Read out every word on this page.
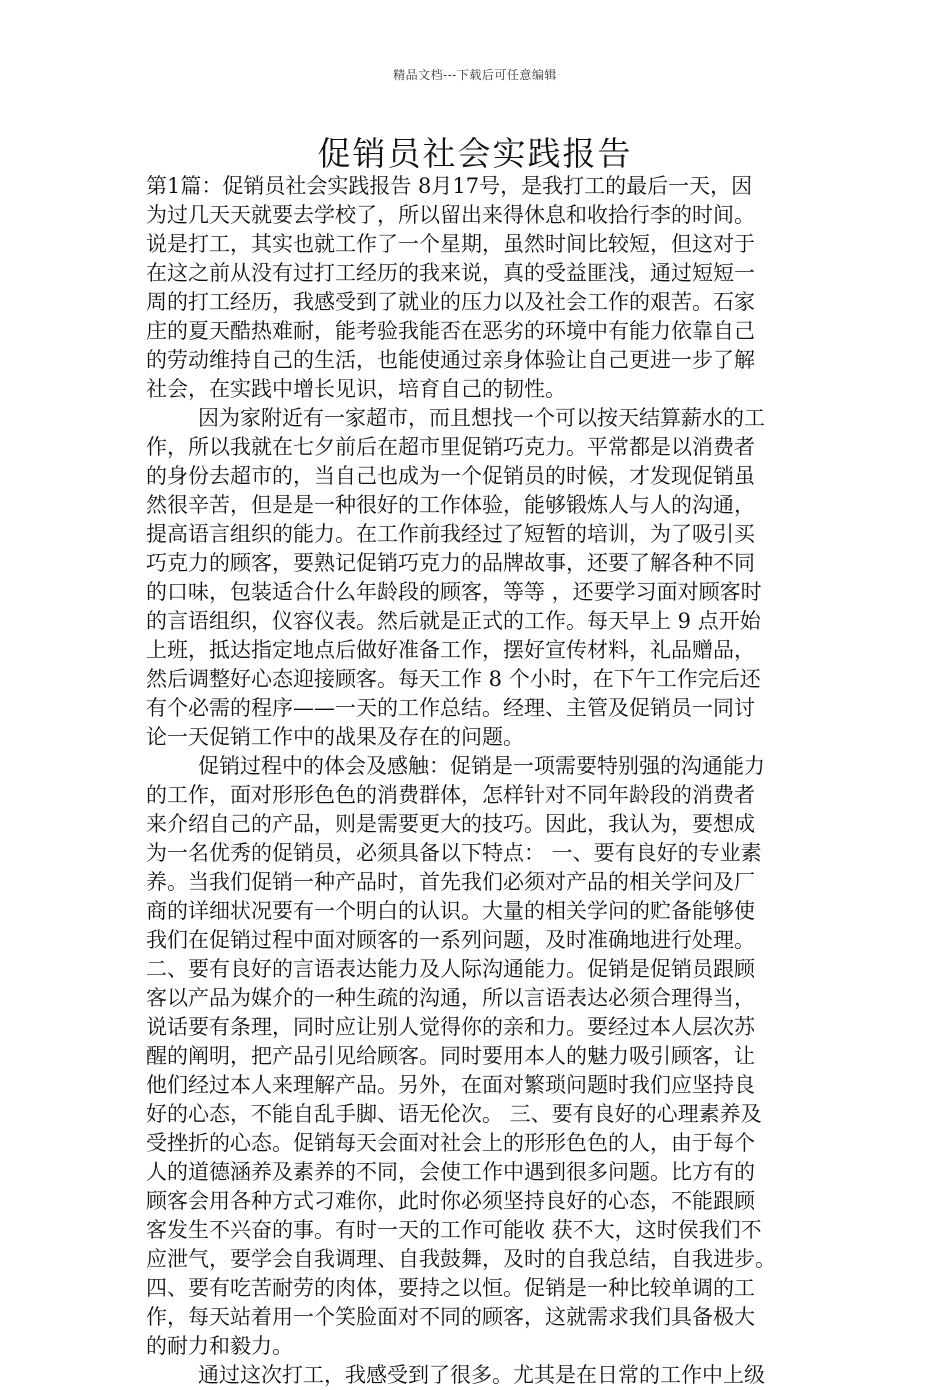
精品文档---下载后可任意编辑
促销员社会实践报告
第1篇：促销员社会实践报告 8月17号，是我打工的最后一天，因
为过几天天就要去学校了，所以留出来得休息和收拾行李的时间。
说是打工，其实也就工作了一个星期，虽然时间比较短，但这对于
在这之前从没有过打工经历的我来说，真的受益匪浅，通过短短一
周的打工经历，我感受到了就业的压力以及社会工作的艰苦。石家
庄的夏天酷热难耐，能考验我能否在恶劣的环境中有能力依靠自己
的劳动维持自己的生活，也能使通过亲身体验让自己更进一步了解
社会，在实践中增长见识，培育自己的韧性。
因为家附近有一家超市，而且想找一个可以按天结算薪水的工
作，所以我就在七夕前后在超市里促销巧克力。平常都是以消费者
的身份去超市的，当自己也成为一个促销员的时候，才发现促销虽
然很辛苦，但是是一种很好的工作体验，能够锻炼人与人的沟通，
提高语言组织的能力。在工作前我经过了短暂的培训，为了吸引买
巧克力的顾客，要熟记促销巧克力的品牌故事，还要了解各种不同
的口味，包装适合什么年龄段的顾客，等等 ，还要学习面对顾客时
的言语组织，仪容仪表。然后就是正式的工作。每天早上 9 点开始
上班，抵达指定地点后做好准备工作，摆好宣传材料，礼品赠品，
然后调整好心态迎接顾客。每天工作 8 个小时，在下午工作完后还
有个必需的程序——一天的工作总结。经理、主管及促销员一同讨
论一天促销工作中的战果及存在的问题。
促销过程中的体会及感触：促销是一项需要特别强的沟通能力
的工作，面对形形色色的消费群体，怎样针对不同年龄段的消费者
来介绍自己的产品，则是需要更大的技巧。因此，我认为，要想成
为一名优秀的促销员，必须具备以下特点： 一、要有良好的专业素
养。当我们促销一种产品时，首先我们必须对产品的相关学问及厂
商的详细状况要有一个明白的认识。大量的相关学问的贮备能够使
我们在促销过程中面对顾客的一系列问题，及时准确地进行处理。
二、要有良好的言语表达能力及人际沟通能力。促销是促销员跟顾
客以产品为媒介的一种生疏的沟通，所以言语表达必须合理得当，
说话要有条理，同时应让别人觉得你的亲和力。要经过本人层次苏
醒的阐明，把产品引见给顾客。同时要用本人的魅力吸引顾客，让
他们经过本人来理解产品。另外，在面对繁琐问题时我们应坚持良
好的心态，不能自乱手脚、语无伦次。 三、要有良好的心理素养及
受挫折的心态。促销每天会面对社会上的形形色色的人，由于每个
人的道德涵养及素养的不同，会使工作中遇到很多问题。比方有的
顾客会用各种方式刁难你，此时你必须坚持良好的心态，不能跟顾
客发生不兴奋的事。有时一天的工作可能收 获不大，这时侯我们不
应泄气，要学会自我调理、自我鼓舞，及时的自我总结，自我进步。
四、要有吃苦耐劳的肉体，要持之以恒。促销是一种比较单调的工
作，每天站着用一个笑脸面对不同的顾客，这就需求我们具备极大
的耐力和毅力。
通过这次打工，我感受到了很多。尤其是在日常的工作中上级
